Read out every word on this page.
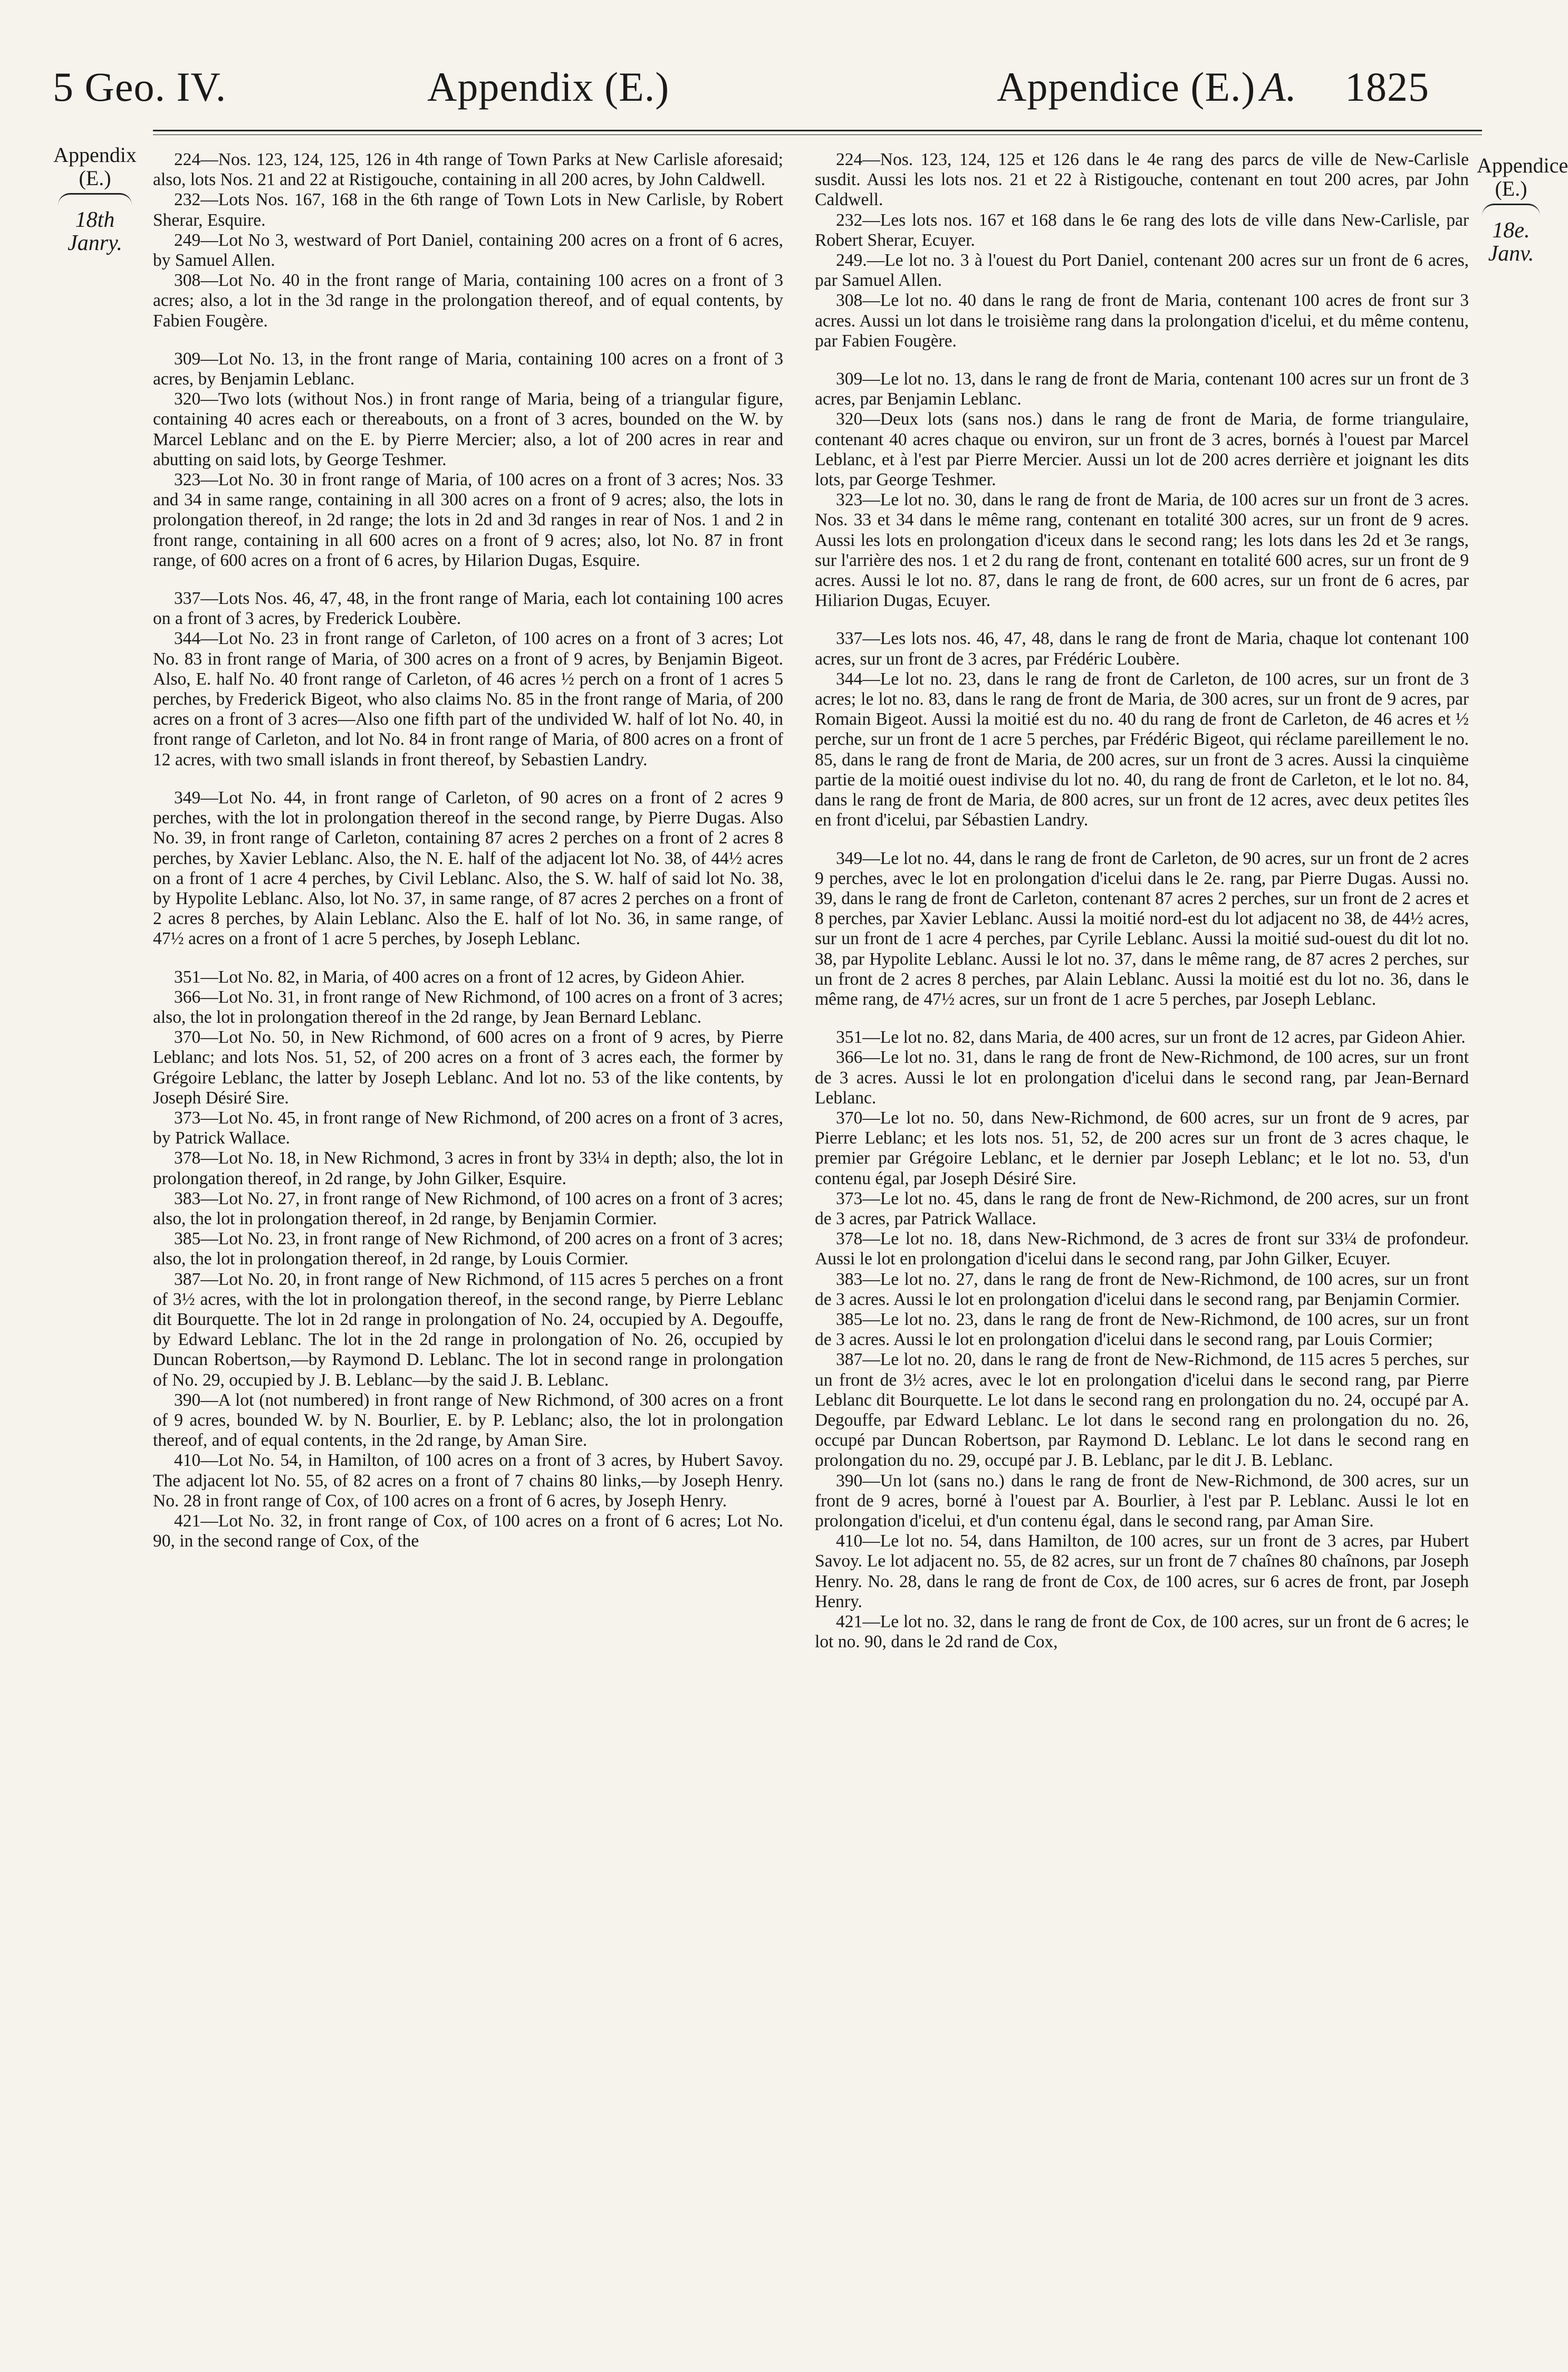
5 Geo. IV.	Appendix (E.)	Appendice (E.) A. 1825
Appendix
(E.)
18th Janry.
Appendice
(E.)
18e. Janv.

224—Nos. 123, 124, 125, 126 in 4th range of Town Parks at New Carlisle aforesaid; also, lots Nos. 21 and 22 at Ristigouche, containing in all 200 acres, by John Caldwell.

232—Lots Nos. 167, 168 in the 6th range of Town Lots in New Carlisle, by Robert Sherar, Esquire.

249—Lot No 3, westward of Port Daniel, containing 200 acres on a front of 6 acres, by Samuel Allen.

308—Lot No. 40 in the front range of Maria, containing 100 acres on a front of 3 acres; also, a lot in the 3d range in the prolongation thereof, and of equal contents, by Fabien Fougère.

309—Lot No. 13, in the front range of Maria, containing 100 acres on a front of 3 acres, by Benjamin Leblanc.

320—Two lots (without Nos.) in front range of Maria, being of a triangular figure, containing 40 acres each or thereabouts, on a front of 3 acres, bounded on the W. by Marcel Leblanc and on the E. by Pierre Mercier; also, a lot of 200 acres in rear and abutting on said lots, by George Teshmer.

323—Lot No. 30 in front range of Maria, of 100 acres on a front of 3 acres; Nos. 33 and 34 in same range, containing in all 300 acres on a front of 9 acres; also, the lots in prolongation thereof, in 2d range; the lots in 2d and 3d ranges in rear of Nos. 1 and 2 in front range, containing in all 600 acres on a front of 9 acres; also, lot No. 87 in front range, of 600 acres on a front of 6 acres, by Hilarion Dugas, Esquire.

337—Lots Nos. 46, 47, 48, in the front range of Maria, each lot containing 100 acres on a front of 3 acres, by Frederick Loubère.

344—Lot No. 23 in front range of Carleton, of 100 acres on a front of 3 acres; Lot No. 83 in front range of Maria, of 300 acres on a front of 9 acres, by Benjamin Bigeot. Also, E. half No. 40 front range of Carleton, of 46 acres ½ perch on a front of 1 acres 5 perches, by Frederick Bigeot, who also claims No. 85 in the front range of Maria, of 200 acres on a front of 3 acres—Also one fifth part of the undivided W. half of lot No. 40, in front range of Carleton, and lot No. 84 in front range of Maria, of 800 acres on a front of 12 acres, with two small islands in front thereof, by Sebastien Landry.

349—Lot No. 44, in front range of Carleton, of 90 acres on a front of 2 acres 9 perches, with the lot in prolongation thereof in the second range, by Pierre Dugas. Also No. 39, in front range of Carleton, containing 87 acres 2 perches on a front of 2 acres 8 perches, by Xavier Leblanc. Also, the N. E. half of the adjacent lot No. 38, of 44½ acres on a front of 1 acre 4 perches, by Civil Leblanc. Also, the S. W. half of said lot No. 38, by Hypolite Leblanc. Also, lot No. 37, in same range, of 87 acres 2 perches on a front of 2 acres 8 perches, by Alain Leblanc. Also the E. half of lot No. 36, in same range, of 47½ acres on a front of 1 acre 5 perches, by Joseph Leblanc.

351—Lot No. 82, in Maria, of 400 acres on a front of 12 acres, by Gideon Ahier.

366—Lot No. 31, in front range of New Richmond, of 100 acres on a front of 3 acres; also, the lot in prolongation thereof in the 2d range, by Jean Bernard Leblanc.

370—Lot No. 50, in New Richmond, of 600 acres on a front of 9 acres, by Pierre Leblanc; and lots Nos. 51, 52, of 200 acres on a front of 3 acres each, the former by Grégoire Leblanc, the latter by Joseph Leblanc. And lot no. 53 of the like contents, by Joseph Désiré Sire.

373—Lot No. 45, in front range of New Richmond, of 200 acres on a front of 3 acres, by Patrick Wallace.

378—Lot No. 18, in New Richmond, 3 acres in front by 33¼ in depth; also, the lot in prolongation thereof, in 2d range, by John Gilker, Esquire.

383—Lot No. 27, in front range of New Richmond, of 100 acres on a front of 3 acres; also, the lot in prolongation thereof, in 2d range, by Benjamin Cormier.

385—Lot No. 23, in front range of New Richmond, of 200 acres on a front of 3 acres; also, the lot in prolongation thereof, in 2d range, by Louis Cormier.

387—Lot No. 20, in front range of New Richmond, of 115 acres 5 perches on a front of 3½ acres, with the lot in prolongation thereof, in the second range, by Pierre Leblanc dit Bourquette. The lot in 2d range in prolongation of No. 24, occupied by A. Degouffe, by Edward Leblanc. The lot in the 2d range in prolongation of No. 26, occupied by Duncan Robertson,—by Raymond D. Leblanc. The lot in second range in prolongation of No. 29, occupied by J. B. Leblanc—by the said J. B. Leblanc.

390—A lot (not numbered) in front range of New Richmond, of 300 acres on a front of 9 acres, bounded W. by N. Bourlier, E. by P. Leblanc; also, the lot in prolongation thereof, and of equal contents, in the 2d range, by Aman Sire.

410—Lot No. 54, in Hamilton, of 100 acres on a front of 3 acres, by Hubert Savoy. The adjacent lot No. 55, of 82 acres on a front of 7 chains 80 links,—by Joseph Henry. No. 28 in front range of Cox, of 100 acres on a front of 6 acres, by Joseph Henry.

421—Lot No. 32, in front range of Cox, of 100 acres on a front of 6 acres; Lot No. 90, in the second range of Cox, of the

224—Nos. 123, 124, 125 et 126 dans le 4e rang des parcs de ville de New-Carlisle susdit. Aussi les lots nos. 21 et 22 à Ristigouche, contenant en tout 200 acres, par John Caldwell.

232—Les lots nos. 167 et 168 dans le 6e rang des lots de ville dans New-Carlisle, par Robert Sherar, Ecuyer.

249.—Le lot no. 3 à l'ouest du Port Daniel, contenant 200 acres sur un front de 6 acres, par Samuel Allen.

308—Le lot no. 40 dans le rang de front de Maria, contenant 100 acres de front sur 3 acres. Aussi un lot dans le troisième rang dans la prolongation d'icelui, et du même contenu, par Fabien Fougère.

309—Le lot no. 13, dans le rang de front de Maria, contenant 100 acres sur un front de 3 acres, par Benjamin Leblanc.

320—Deux lots (sans nos.) dans le rang de front de Maria, de forme triangulaire, contenant 40 acres chaque ou environ, sur un front de 3 acres, bornés à l'ouest par Marcel Leblanc, et à l'est par Pierre Mercier. Aussi un lot de 200 acres derrière et joignant les dits lots, par George Teshmer.

323—Le lot no. 30, dans le rang de front de Maria, de 100 acres sur un front de 3 acres. Nos. 33 et 34 dans le même rang, contenant en totalité 300 acres, sur un front de 9 acres. Aussi les lots en prolongation d'iceux dans le second rang; les lots dans les 2d et 3e rangs, sur l'arrière des nos. 1 et 2 du rang de front, contenant en totalité 600 acres, sur un front de 9 acres. Aussi le lot no. 87, dans le rang de front, de 600 acres, sur un front de 6 acres, par Hiliarion Dugas, Ecuyer.

337—Les lots nos. 46, 47, 48, dans le rang de front de Maria, chaque lot contenant 100 acres, sur un front de 3 acres, par Frédéric Loubère.

344—Le lot no. 23, dans le rang de front de Carleton, de 100 acres, sur un front de 3 acres; le lot no. 83, dans le rang de front de Maria, de 300 acres, sur un front de 9 acres, par Romain Bigeot. Aussi la moitié est du no. 40 du rang de front de Carleton, de 46 acres et ½ perche, sur un front de 1 acre 5 perches, par Frédéric Bigeot, qui réclame pareillement le no. 85, dans le rang de front de Maria, de 200 acres, sur un front de 3 acres. Aussi la cinquième partie de la moitié ouest indivise du lot no. 40, du rang de front de Carleton, et le lot no. 84, dans le rang de front de Maria, de 800 acres, sur un front de 12 acres, avec deux petites îles en front d'icelui, par Sébastien Landry.

349—Le lot no. 44, dans le rang de front de Carleton, de 90 acres, sur un front de 2 acres 9 perches, avec le lot en prolongation d'icelui dans le 2e. rang, par Pierre Dugas. Aussi no. 39, dans le rang de front de Carleton, contenant 87 acres 2 perches, sur un front de 2 acres et 8 perches, par Xavier Leblanc. Aussi la moitié nord-est du lot adjacent no 38, de 44½ acres, sur un front de 1 acre 4 perches, par Cyrile Leblanc. Aussi la moitié sud-ouest du dit lot no. 38, par Hypolite Leblanc. Aussi le lot no. 37, dans le même rang, de 87 acres 2 perches, sur un front de 2 acres 8 perches, par Alain Leblanc. Aussi la moitié est du lot no. 36, dans le même rang, de 47½ acres, sur un front de 1 acre 5 perches, par Joseph Leblanc.

351—Le lot no. 82, dans Maria, de 400 acres, sur un front de 12 acres, par Gideon Ahier.

366—Le lot no. 31, dans le rang de front de New-Richmond, de 100 acres, sur un front de 3 acres. Aussi le lot en prolongation d'icelui dans le second rang, par Jean-Bernard Leblanc.

370—Le lot no. 50, dans New-Richmond, de 600 acres, sur un front de 9 acres, par Pierre Leblanc; et les lots nos. 51, 52, de 200 acres sur un front de 3 acres chaque, le premier par Grégoire Leblanc, et le dernier par Joseph Leblanc; et le lot no. 53, d'un contenu égal, par Joseph Désiré Sire.

373—Le lot no. 45, dans le rang de front de New-Richmond, de 200 acres, sur un front de 3 acres, par Patrick Wallace.

378—Le lot no. 18, dans New-Richmond, de 3 acres de front sur 33¼ de profondeur. Aussi le lot en prolongation d'icelui dans le second rang, par John Gilker, Ecuyer.

383—Le lot no. 27, dans le rang de front de New-Richmond, de 100 acres, sur un front de 3 acres. Aussi le lot en prolongation d'icelui dans le second rang, par Benjamin Cormier.

385—Le lot no. 23, dans le rang de front de New-Richmond, de 100 acres, sur un front de 3 acres. Aussi le lot en prolongation d'icelui dans le second rang, par Louis Cormier;

387—Le lot no. 20, dans le rang de front de New-Richmond, de 115 acres 5 perches, sur un front de 3½ acres, avec le lot en prolongation d'icelui dans le second rang, par Pierre Leblanc dit Bourquette. Le lot dans le second rang en prolongation du no. 24, occupé par A. Degouffe, par Edward Leblanc. Le lot dans le second rang en prolongation du no. 26, occupé par Duncan Robertson, par Raymond D. Leblanc. Le lot dans le second rang en prolongation du no. 29, occupé par J. B. Leblanc, par le dit J. B. Leblanc.

390—Un lot (sans no.) dans le rang de front de New-Richmond, de 300 acres, sur un front de 9 acres, borné à l'ouest par A. Bourlier, à l'est par P. Leblanc. Aussi le lot en prolongation d'icelui, et d'un contenu égal, dans le second rang, par Aman Sire.

410—Le lot no. 54, dans Hamilton, de 100 acres, sur un front de 3 acres, par Hubert Savoy. Le lot adjacent no. 55, de 82 acres, sur un front de 7 chaînes 80 chaînons, par Joseph Henry. No. 28, dans le rang de front de Cox, de 100 acres, sur 6 acres de front, par Joseph Henry.

421—Le lot no. 32, dans le rang de front de Cox, de 100 acres, sur un front de 6 acres; le lot no. 90, dans le 2d rand de Cox,
